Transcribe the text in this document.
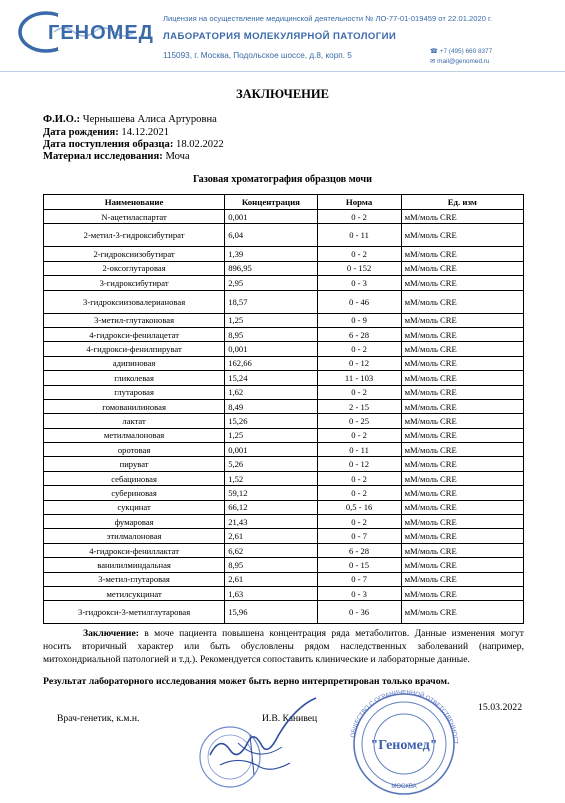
ГЕНОМЕД
Лицензия на осуществление медицинской деятельности № ЛО-77-01-019459 от 22.01.2020 г.
ЛАБОРАТОРИЯ МОЛЕКУЛЯРНОЙ ПАТОЛОГИИ
115093, г. Москва, Подольское шоссе, д.8, корп. 5	☎ +7 (495) 660 8377
✉ mail@genomed.ru
ЗАКЛЮЧЕНИЕ
Ф.И.О.: Чернышева Алиса Артуровна
Дата рождения: 14.12.2021
Дата поступления образца: 18.02.2022
Материал исследования: Моча
Газовая хроматография образцов мочи
Наименование	Концентрация	Норма	Ед. изм
N-ацетиласпартат	0,001	0 - 2	мМ/моль CRE
2-метил-3-гидроксибутират	6,04	0 - 11	мМ/моль CRE
2-гидроксиизобутират	1,39	0 - 2	мМ/моль CRE
2-оксоглутаровая	896,95	0 - 152	мМ/моль CRE
3-гидроксибутират	2,95	0 - 3	мМ/моль CRE
3-гидроксиизовалериановая	18,57	0 - 46	мМ/моль CRE
3-метил-глутаконовая	1,25	0 - 9	мМ/моль CRE
4-гидрокси-фенилацетат	8,95	6 - 28	мМ/моль CRE
4-гидрокси-фенилпируват	0,001	0 - 2	мМ/моль CRE
адипиновая	162,66	0 - 12	мМ/моль CRE
гликолевая	15,24	11 - 103	мМ/моль CRE
глутаровая	1,62	0 - 2	мМ/моль CRE
гомованилиновая	8,49	2 - 15	мМ/моль CRE
лактат	15,26	0 - 25	мМ/моль CRE
метилмалоновая	1,25	0 - 2	мМ/моль CRE
оротовая	0,001	0 - 11	мМ/моль CRE
пируват	5,26	0 - 12	мМ/моль CRE
себациновая	1,52	0 - 2	мМ/моль CRE
субериновая	59,12	0 - 2	мМ/моль CRE
сукцинат	66,12	0,5 - 16	мМ/моль CRE
фумаровая	21,43	0 - 2	мМ/моль CRE
этилмалоновая	2,61	0 - 7	мМ/моль CRE
4-гидрокси-фениллактат	6,62	6 - 28	мМ/моль CRE
ванилилминдальная	8,95	0 - 15	мМ/моль CRE
3-метил-глутаровая	2,61	0 - 7	мМ/моль CRE
метилсукцинат	1,63	0 - 3	мМ/моль CRE
3-гидрокси-3-метилглутаровая	15,96	0 - 36	мМ/моль CRE
Заключение: в моче пациента повышена концентрация ряда метаболитов. Данные изменения могут носить вторичный характер или быть обусловлены рядом наследственных заболеваний (например, митохондриальной патологией и т.д.). Рекомендуется сопоставить клинические и лабораторные данные.
Результат лабораторного исследования может быть верно интерпретирован только врачом.
15.03.2022
Врач-генетик, к.м.н.	И.В. Канивец
ОБЩЕСТВО С ОГРАНИЧЕННОЙ ОТВЕТСТВЕННОСТ
"Геномед"
МОСКВА
